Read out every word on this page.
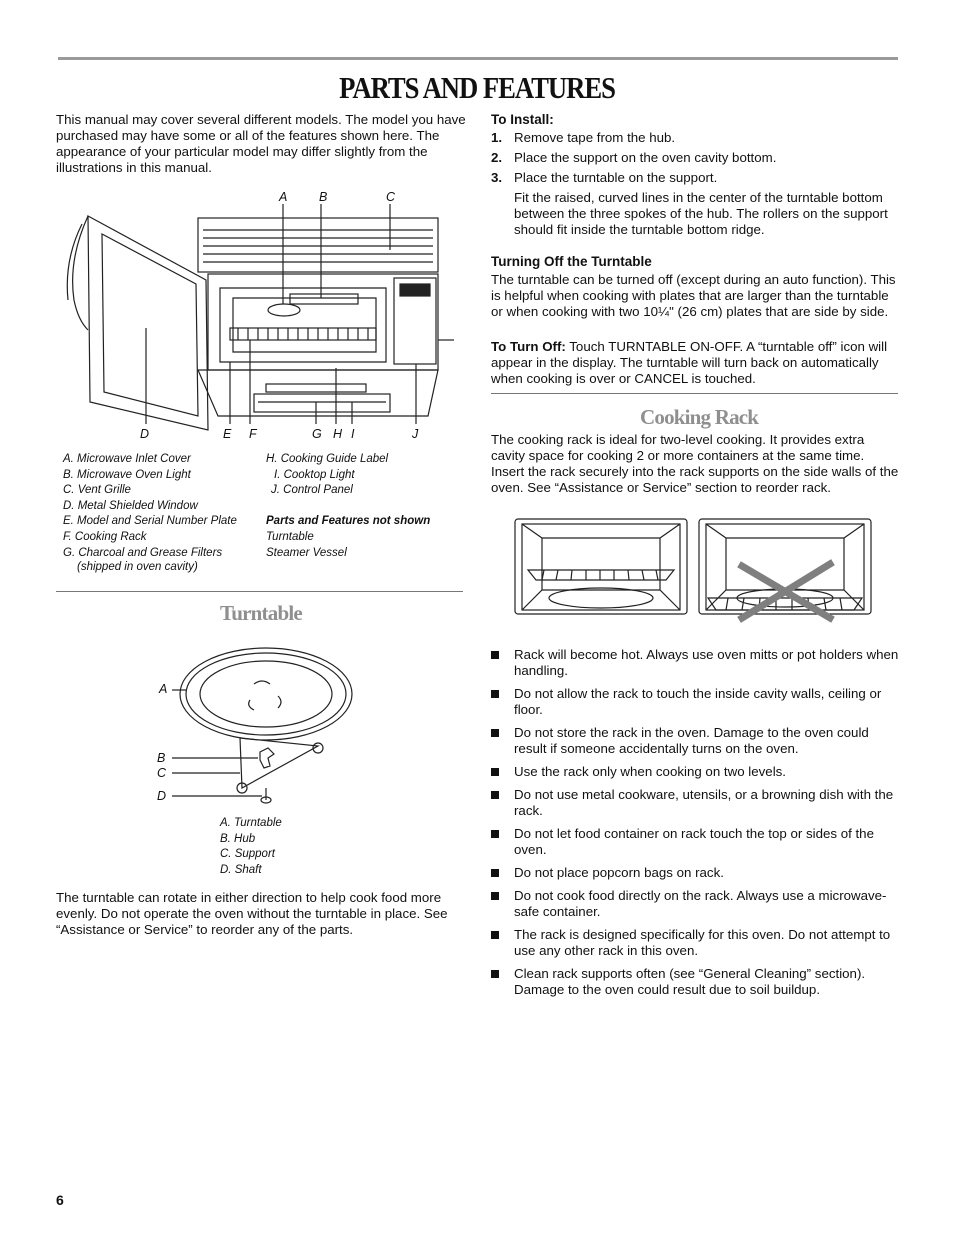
PARTS AND FEATURES

This manual may cover several different models. The model you have purchased may have some or all of the features shown here. The appearance of your particular model may differ slightly from the illustrations in this manual.

A	B	C
D	E F	G H I	J
A. Microwave Inlet Cover
B. Microwave Oven Light
C. Vent Grille
D. Metal Shielded Window
E. Model and Serial Number Plate
F. Cooking Rack
G. Charcoal and Grease Filters
(shipped in oven cavity)
H. Cooking Guide Label
I. Cooktop Light
J. Control Panel
Parts and Features not shown
Turntable
Steamer Vessel
Turntable
A
B
C
D
A. Turntable
B. Hub
C. Support
D. Shaft

The turntable can rotate in either direction to help cook food more evenly. Do not operate the oven without the turntable in place. See “Assistance or Service” to reorder any of the parts.

To Install:
1. Remove tape from the hub.
2. Place the support on the oven cavity bottom.
3. Place the turntable on the support.
Fit the raised, curved lines in the center of the turntable bottom between the three spokes of the hub. The rollers on the support should fit inside the turntable bottom ridge.
Turning Off the Turntable

The turntable can be turned off (except during an auto function). This is helpful when cooking with plates that are larger than the turntable or when cooking with two 10¼" (26 cm) plates that are side by side.

To Turn Off: Touch TURNTABLE ON-OFF. A “turntable off” icon will appear in the display. The turntable will turn back on automatically when cooking is over or CANCEL is touched.

Cooking Rack

The cooking rack is ideal for two-level cooking. It provides extra cavity space for cooking 2 or more containers at the same time. Insert the rack securely into the rack supports on the side walls of the oven. See “Assistance or Service” section to reorder rack.

Rack will become hot. Always use oven mitts or pot holders when handling.
Do not allow the rack to touch the inside cavity walls, ceiling or floor.
Do not store the rack in the oven. Damage to the oven could result if someone accidentally turns on the oven.
Use the rack only when cooking on two levels.
Do not use metal cookware, utensils, or a browning dish with the rack.
Do not let food container on rack touch the top or sides of the oven.
Do not place popcorn bags on rack.
Do not cook food directly on the rack. Always use a microwave-safe container.
The rack is designed specifically for this oven. Do not attempt to use any other rack in this oven.
Clean rack supports often (see “General Cleaning” section). Damage to the oven could result due to soil buildup.
6
